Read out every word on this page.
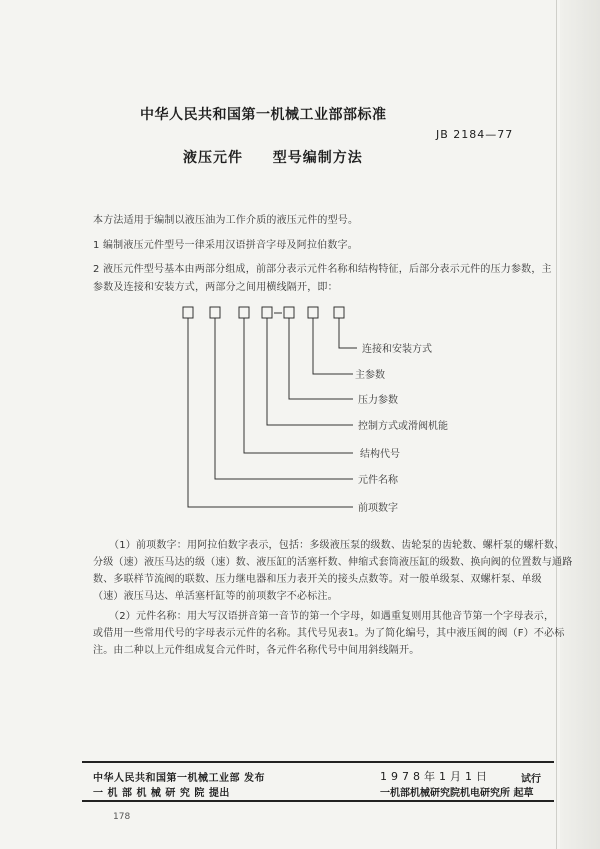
中华人民共和国第一机械工业部部标准
JB 2184—77
液压元件 型号编制方法
本方法适用于编制以液压油为工作介质的液压元件的型号。
1 编制液压元件型号一律采用汉语拼音字母及阿拉伯数字。
2 液压元件型号基本由两部分组成，前部分表示元件名称和结构特征，后部分表示元件的压力参数，主
参数及连接和安装方式，两部分之间用横线隔开，即：
连接和安装方式
主参数
压力参数
控制方式或滑阀机能
结构代号
元件名称
前项数字
（1）前项数字：用阿拉伯数字表示，包括：多级液压泵的级数、齿轮泵的齿轮数、螺杆泵的螺杆数、
分级（速）液压马达的级（速）数、液压缸的活塞杆数、伸缩式套筒液压缸的级数、换向阀的位置数与通路
数、多联样节流阀的联数、压力继电器和压力表开关的接头点数等。对一般单级泵、双螺杆泵、单级
（速）液压马达、单活塞杆缸等的前项数字不必标注。
（2）元件名称：用大写汉语拼音第一音节的第一个字母，如遇重复则用其他音节第一个字母表示，
或借用一些常用代号的字母表示元件的名称。其代号见表1。为了简化编号，其中液压阀的阀（F）不必标
注。由二种以上元件组成复合元件时，各元件名称代号中间用斜线隔开。
中华人民共和国第一机械工业部 发布
一 机 部 机 械 研 究 院 提出
1978年1月1日	试行
一机部机械研究院机电研究所 起草
178
